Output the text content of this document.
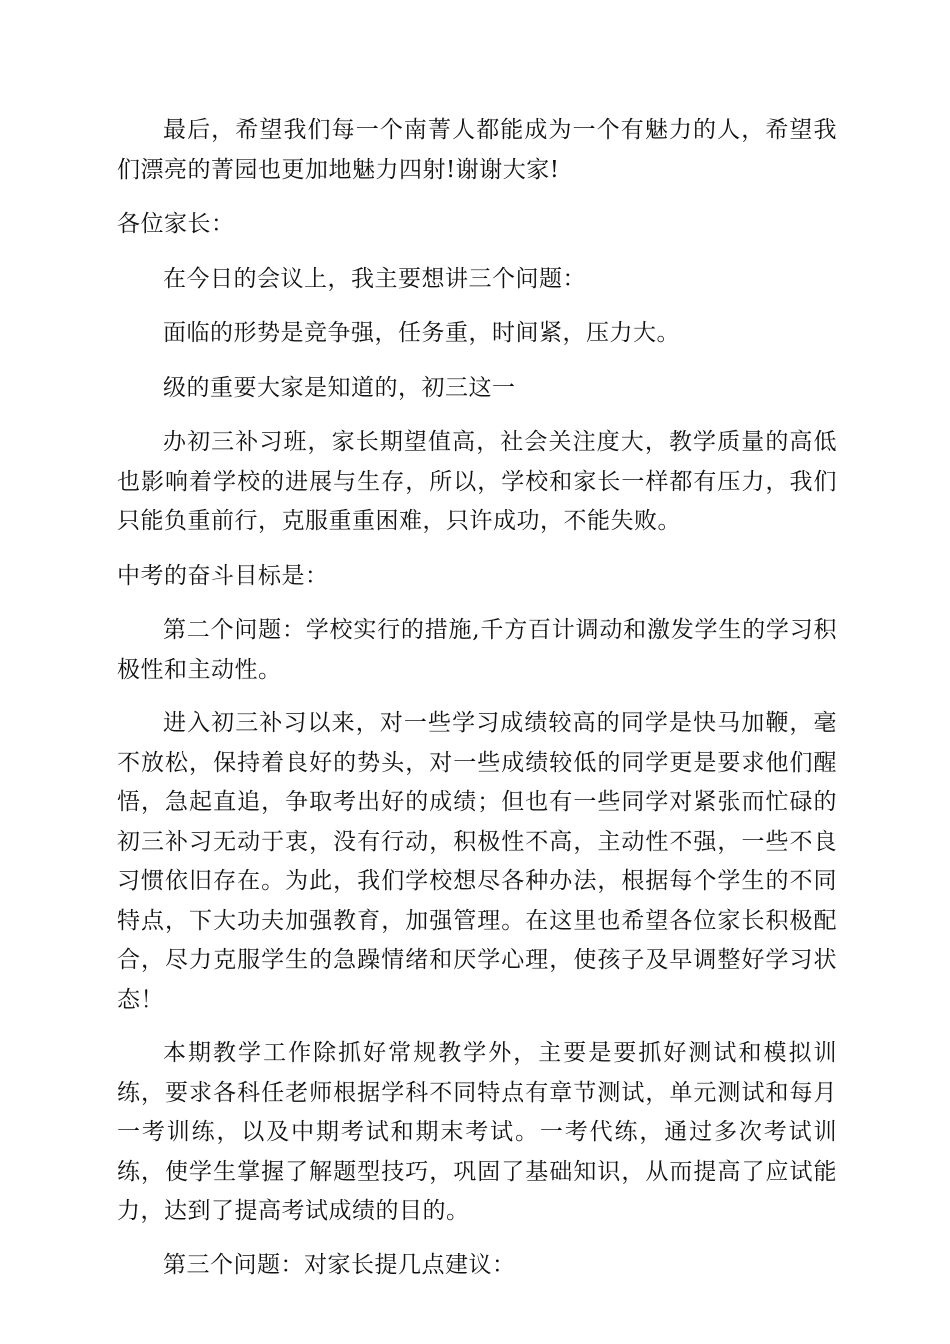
最后，希望我们每一个南菁人都能成为一个有魅力的人，希望我们漂亮的菁园也更加地魅力四射!谢谢大家!

各位家长：

在今日的会议上，我主要想讲三个问题：

面临的形势是竞争强，任务重，时间紧，压力大。

级的重要大家是知道的，初三这一

办初三补习班，家长期望值高，社会关注度大，教学质量的高低也影响着学校的进展与生存，所以，学校和家长一样都有压力，我们只能负重前行，克服重重困难，只许成功，不能失败。

中考的奋斗目标是：

第二个问题：学校实行的措施,千方百计调动和激发学生的学习积极性和主动性。

进入初三补习以来，对一些学习成绩较高的同学是快马加鞭，毫不放松，保持着良好的势头，对一些成绩较低的同学更是要求他们醒悟，急起直追，争取考出好的成绩；但也有一些同学对紧张而忙碌的初三补习无动于衷，没有行动，积极性不高，主动性不强，一些不良习惯依旧存在。为此，我们学校想尽各种办法，根据每个学生的不同特点，下大功夫加强教育，加强管理。在这里也希望各位家长积极配合，尽力克服学生的急躁情绪和厌学心理，使孩子及早调整好学习状态！

本期教学工作除抓好常规教学外，主要是要抓好测试和模拟训练，要求各科任老师根据学科不同特点有章节测试，单元测试和每月一考训练，以及中期考试和期末考试。一考代练，通过多次考试训练，使学生掌握了解题型技巧，巩固了基础知识，从而提高了应试能力，达到了提高考试成绩的目的。

第三个问题：对家长提几点建议：
